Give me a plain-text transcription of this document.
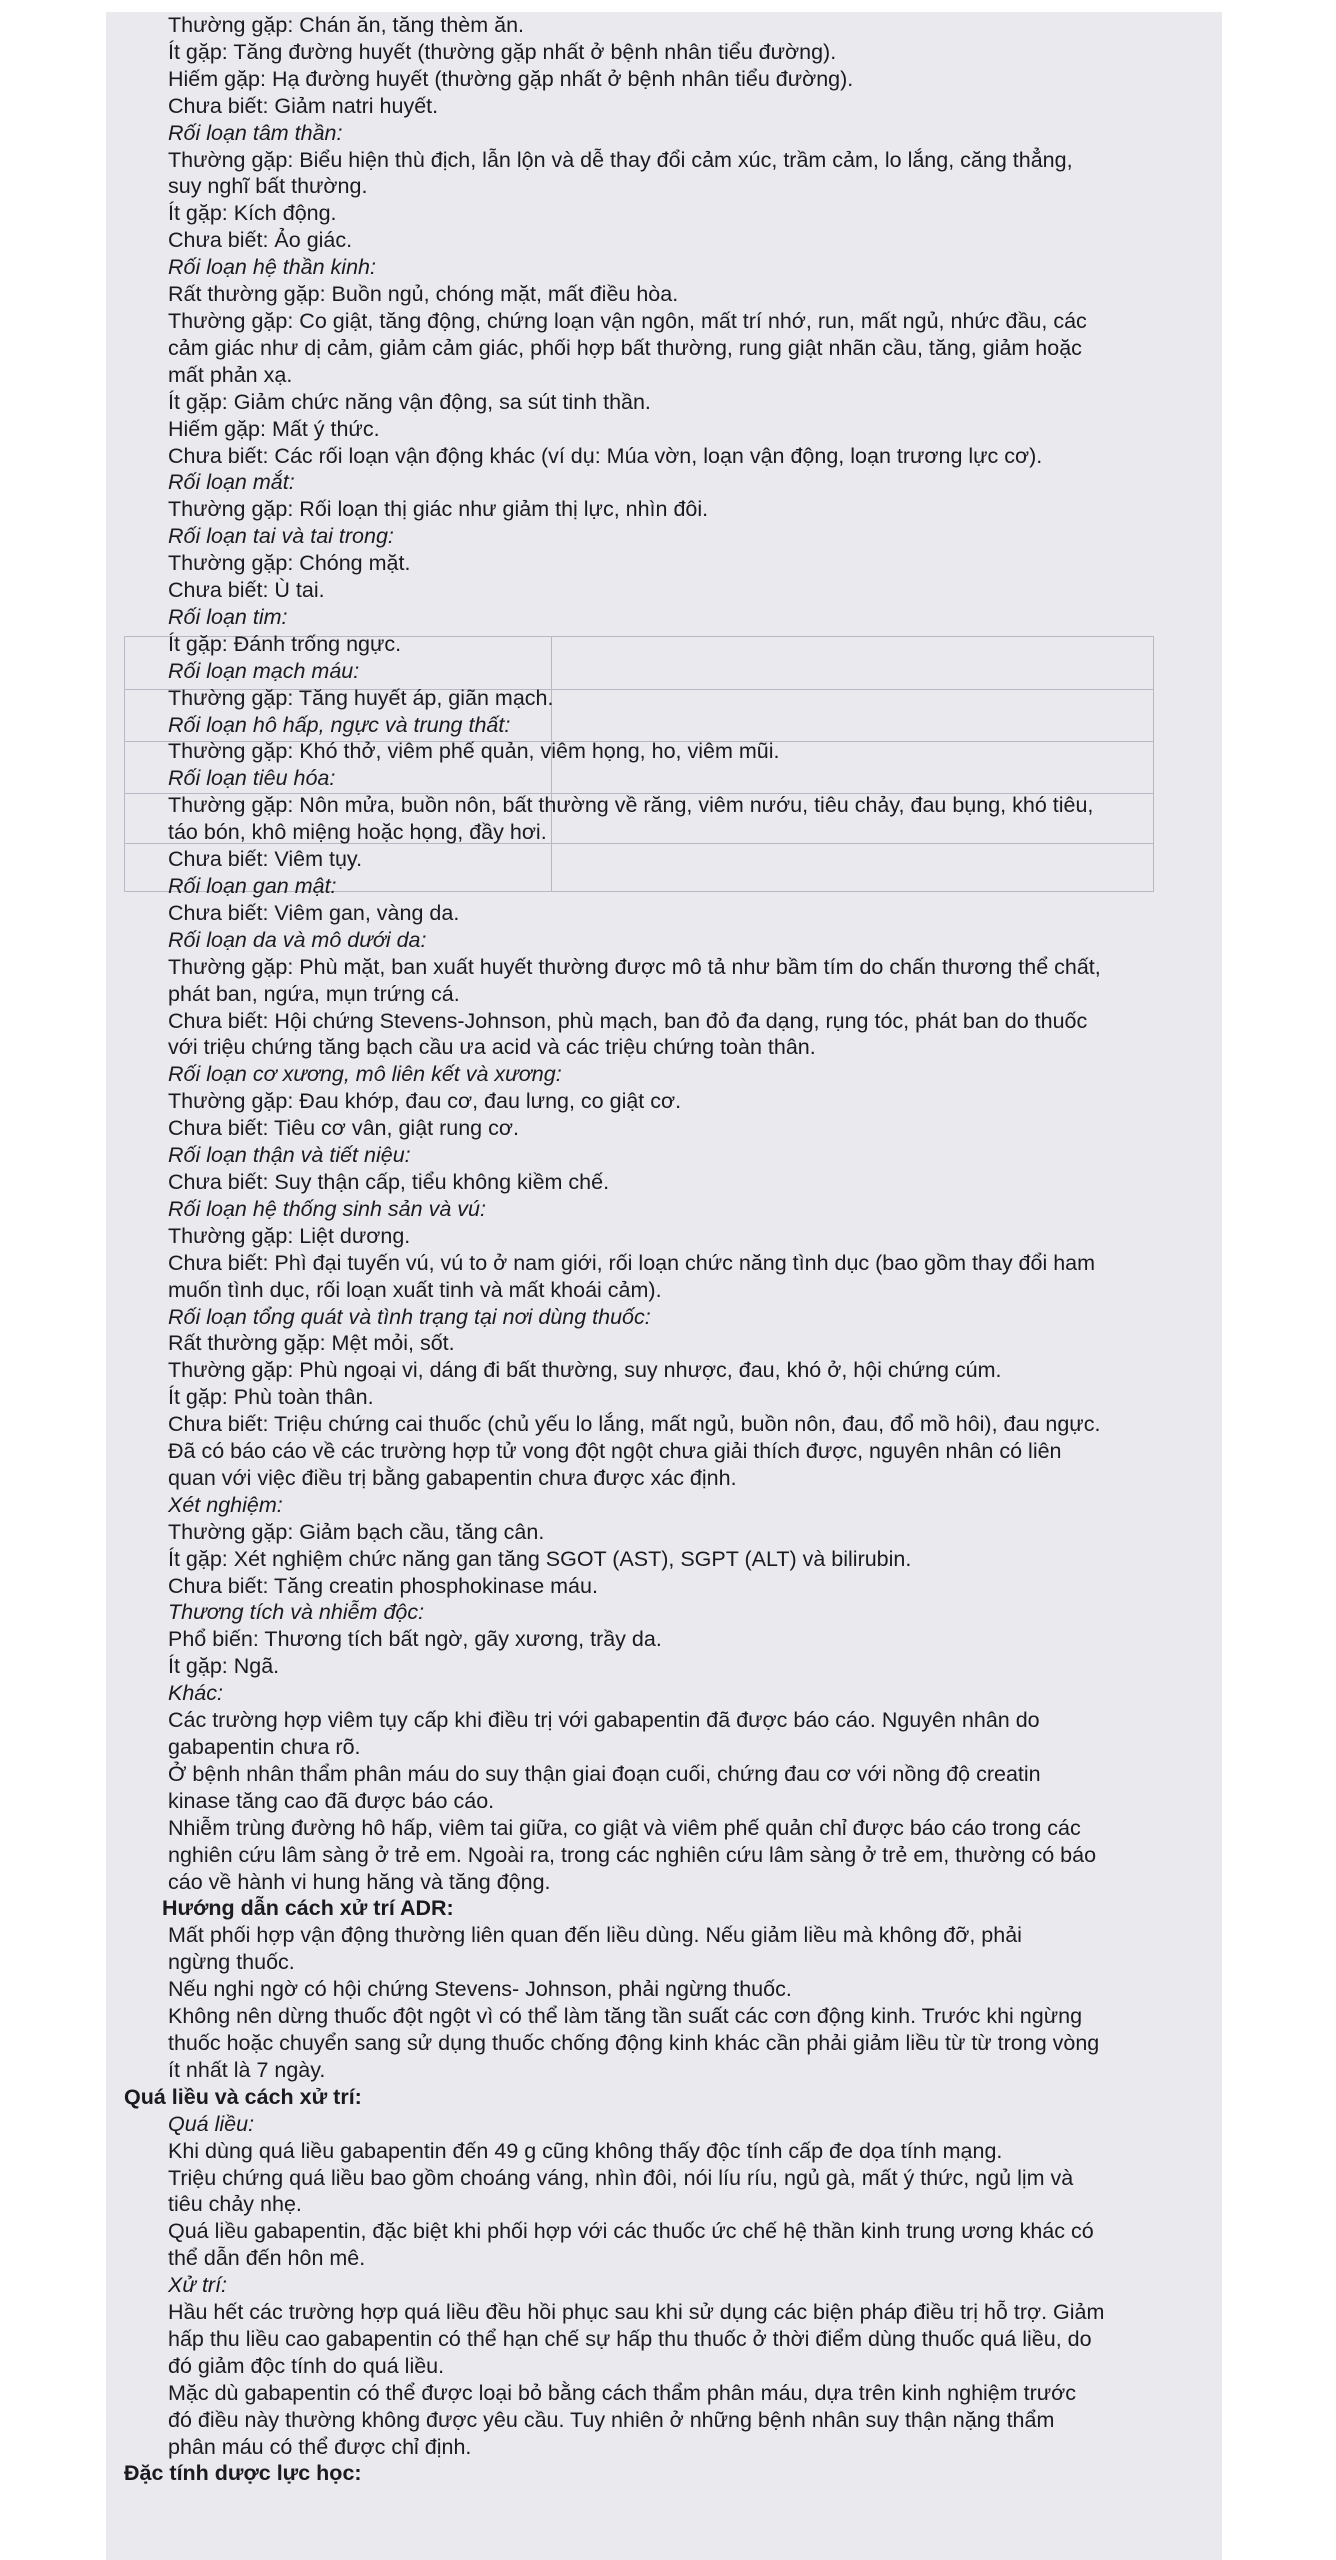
Thường gặp: Chán ăn, tăng thèm ăn.
Ít gặp: Tăng đường huyết (thường gặp nhất ở bệnh nhân tiểu đường).
Hiếm gặp: Hạ đường huyết (thường gặp nhất ở bệnh nhân tiểu đường).
Chưa biết: Giảm natri huyết.
Rối loạn tâm thần:
Thường gặp: Biểu hiện thù địch, lẫn lộn và dễ thay đổi cảm xúc, trầm cảm, lo lắng, căng thẳng,
suy nghĩ bất thường.
Ít gặp: Kích động.
Chưa biết: Ảo giác.
Rối loạn hệ thần kinh:
Rất thường gặp: Buồn ngủ, chóng mặt, mất điều hòa.
Thường gặp: Co giật, tăng động, chứng loạn vận ngôn, mất trí nhớ, run, mất ngủ, nhức đầu, các
cảm giác như dị cảm, giảm cảm giác, phối hợp bất thường, rung giật nhãn cầu, tăng, giảm hoặc
mất phản xạ.
Ít gặp: Giảm chức năng vận động, sa sút tinh thần.
Hiếm gặp: Mất ý thức.
Chưa biết: Các rối loạn vận động khác (ví dụ: Múa vờn, loạn vận động, loạn trương lực cơ).
Rối loạn mắt:
Thường gặp: Rối loạn thị giác như giảm thị lực, nhìn đôi.
Rối loạn tai và tai trong:
Thường gặp: Chóng mặt.
Chưa biết: Ù tai.
Rối loạn tim:
Ít gặp: Đánh trống ngực.
Rối loạn mạch máu:
Thường gặp: Tăng huyết áp, giãn mạch.
Rối loạn hô hấp, ngực và trung thất:
Thường gặp: Khó thở, viêm phế quản, viêm họng, ho, viêm mũi.
Rối loạn tiêu hóa:
Thường gặp: Nôn mửa, buồn nôn, bất thường về răng, viêm nướu, tiêu chảy, đau bụng, khó tiêu,
táo bón, khô miệng hoặc họng, đầy hơi.
Chưa biết: Viêm tụy.
Rối loạn gan mật:
Chưa biết: Viêm gan, vàng da.
Rối loạn da và mô dưới da:
Thường gặp: Phù mặt, ban xuất huyết thường được mô tả như bầm tím do chấn thương thể chất,
phát ban, ngứa, mụn trứng cá.
Chưa biết: Hội chứng Stevens-Johnson, phù mạch, ban đỏ đa dạng, rụng tóc, phát ban do thuốc
với triệu chứng tăng bạch cầu ưa acid và các triệu chứng toàn thân.
Rối loạn cơ xương, mô liên kết và xương:
Thường gặp: Đau khớp, đau cơ, đau lưng, co giật cơ.
Chưa biết: Tiêu cơ vân, giật rung cơ.
Rối loạn thận và tiết niệu:
Chưa biết: Suy thận cấp, tiểu không kiềm chế.
Rối loạn hệ thống sinh sản và vú:
Thường gặp: Liệt dương.
Chưa biết: Phì đại tuyến vú, vú to ở nam giới, rối loạn chức năng tình dục (bao gồm thay đổi ham
muốn tình dục, rối loạn xuất tinh và mất khoái cảm).
Rối loạn tổng quát và tình trạng tại nơi dùng thuốc:
Rất thường gặp: Mệt mỏi, sốt.
Thường gặp: Phù ngoại vi, dáng đi bất thường, suy nhược, đau, khó ở, hội chứng cúm.
Ít gặp: Phù toàn thân.
Chưa biết: Triệu chứng cai thuốc (chủ yếu lo lắng, mất ngủ, buồn nôn, đau, đổ mồ hôi), đau ngực.
Đã có báo cáo về các trường hợp tử vong đột ngột chưa giải thích được, nguyên nhân có liên
quan với việc điều trị bằng gabapentin chưa được xác định.
Xét nghiệm:
Thường gặp: Giảm bạch cầu, tăng cân.
Ít gặp: Xét nghiệm chức năng gan tăng SGOT (AST), SGPT (ALT) và bilirubin.
Chưa biết: Tăng creatin phosphokinase máu.
Thương tích và nhiễm độc:
Phổ biến: Thương tích bất ngờ, gãy xương, trầy da.
Ít gặp: Ngã.
Khác:
Các trường hợp viêm tụy cấp khi điều trị với gabapentin đã được báo cáo. Nguyên nhân do
gabapentin chưa rõ.
Ở bệnh nhân thẩm phân máu do suy thận giai đoạn cuối, chứng đau cơ với nồng độ creatin
kinase tăng cao đã được báo cáo.
Nhiễm trùng đường hô hấp, viêm tai giữa, co giật và viêm phế quản chỉ được báo cáo trong các
nghiên cứu lâm sàng ở trẻ em. Ngoài ra, trong các nghiên cứu lâm sàng ở trẻ em, thường có báo
cáo về hành vi hung hăng và tăng động.
Hướng dẫn cách xử trí ADR:
Mất phối hợp vận động thường liên quan đến liều dùng. Nếu giảm liều mà không đỡ, phải
ngừng thuốc.
Nếu nghi ngờ có hội chứng Stevens- Johnson, phải ngừng thuốc.
Không nên dừng thuốc đột ngột vì có thể làm tăng tần suất các cơn động kinh. Trước khi ngừng
thuốc hoặc chuyển sang sử dụng thuốc chống động kinh khác cần phải giảm liều từ từ trong vòng
ít nhất là 7 ngày.
Quá liều và cách xử trí:
Quá liều:
Khi dùng quá liều gabapentin đến 49 g cũng không thấy độc tính cấp đe dọa tính mạng.
Triệu chứng quá liều bao gồm choáng váng, nhìn đôi, nói líu ríu, ngủ gà, mất ý thức, ngủ lịm và
tiêu chảy nhẹ.
Quá liều gabapentin, đặc biệt khi phối hợp với các thuốc ức chế hệ thần kinh trung ương khác có
thể dẫn đến hôn mê.
Xử trí:
Hầu hết các trường hợp quá liều đều hồi phục sau khi sử dụng các biện pháp điều trị hỗ trợ. Giảm
hấp thu liều cao gabapentin có thể hạn chế sự hấp thu thuốc ở thời điểm dùng thuốc quá liều, do
đó giảm độc tính do quá liều.
Mặc dù gabapentin có thể được loại bỏ bằng cách thẩm phân máu, dựa trên kinh nghiệm trước
đó điều này thường không được yêu cầu. Tuy nhiên ở những bệnh nhân suy thận nặng thẩm
phân máu có thể được chỉ định.
Đặc tính dược lực học:
